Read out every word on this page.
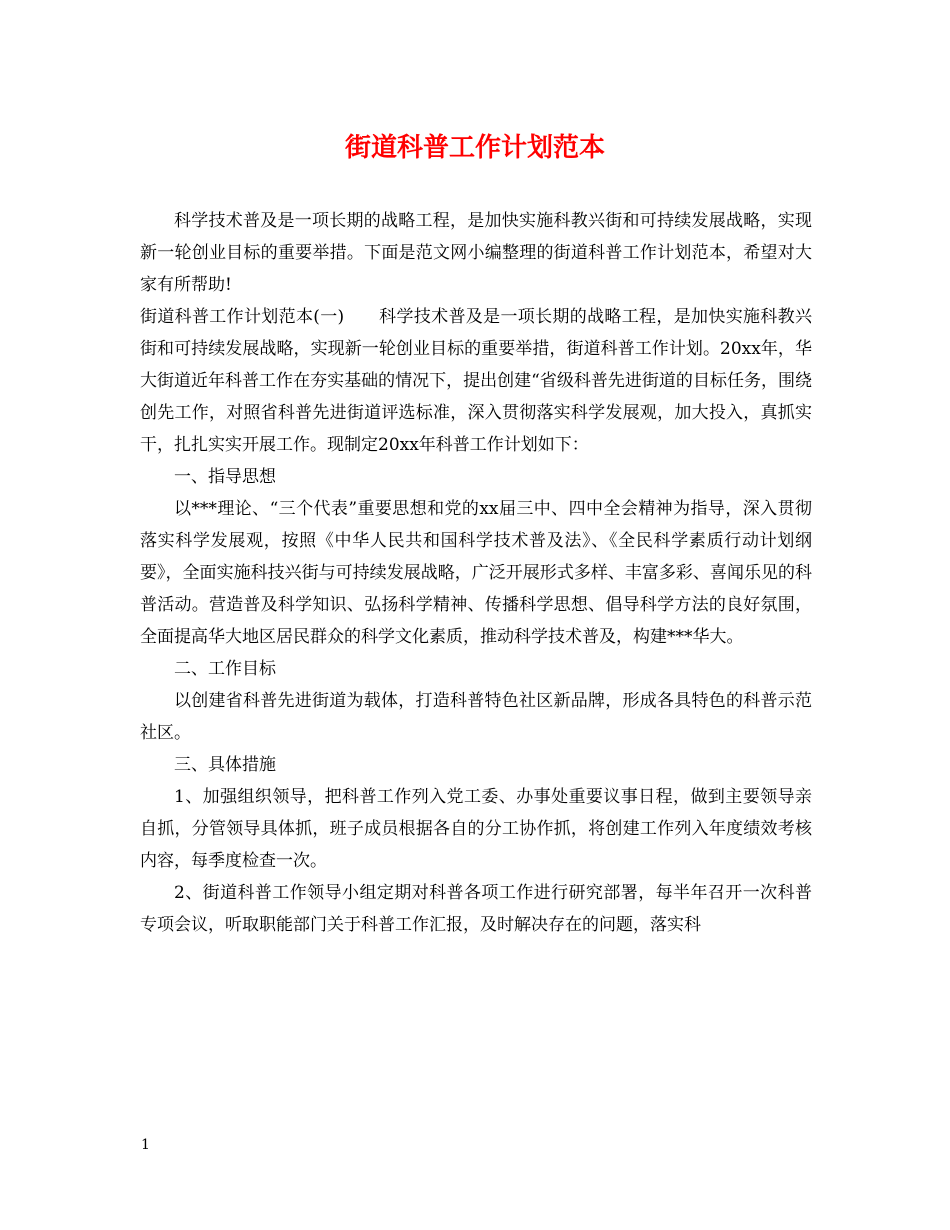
街道科普工作计划范本

科学技术普及是一项长期的战略工程，是加快实施科教兴街和可持续发展战略，实现新一轮创业目标的重要举措。下面是范文网小编整理的街道科普工作计划范本，希望对大家有所帮助!

街道科普工作计划范本(一)　　科学技术普及是一项长期的战略工程，是加快实施科教兴街和可持续发展战略，实现新一轮创业目标的重要举措，街道科普工作计划。20xx年，华大街道近年科普工作在夯实基础的情况下，提出创建“省级科普先进街道的目标任务，围绕创先工作，对照省科普先进街道评选标准，深入贯彻落实科学发展观，加大投入，真抓实干，扎扎实实开展工作。现制定20xx年科普工作计划如下：

一、指导思想

以***理论、“三个代表”重要思想和党的xx届三中、四中全会精神为指导，深入贯彻落实科学发展观，按照《中华人民共和国科学技术普及法》、《全民科学素质行动计划纲要》，全面实施科技兴街与可持续发展战略，广泛开展形式多样、丰富多彩、喜闻乐见的科普活动。营造普及科学知识、弘扬科学精神、传播科学思想、倡导科学方法的良好氛围，全面提高华大地区居民群众的科学文化素质，推动科学技术普及，构建***华大。

二、工作目标

以创建省科普先进街道为载体，打造科普特色社区新品牌，形成各具特色的科普示范社区。

三、具体措施

1、加强组织领导，把科普工作列入党工委、办事处重要议事日程，做到主要领导亲自抓，分管领导具体抓，班子成员根据各自的分工协作抓，将创建工作列入年度绩效考核内容，每季度检查一次。

2、街道科普工作领导小组定期对科普各项工作进行研究部署，每半年召开一次科普专项会议，听取职能部门关于科普工作汇报，及时解决存在的问题，落实科

1
